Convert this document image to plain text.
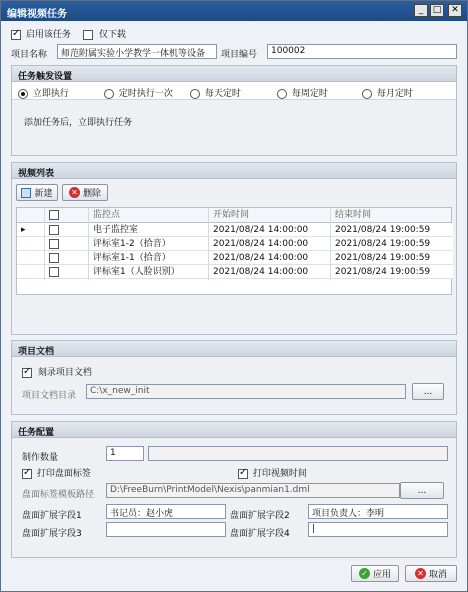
编辑视频任务	_	□	✕
✓ 启用该任务	仅下载
项目名称	师范附属实验小学教学一体机等设备	项目编号	100002
任务触发设置
立即执行	定时执行一次	每天定时	每周定时	每月定时
添加任务后，立即执行任务
视频列表
新建 ✕ 删除
监控点	开始时间	结束时间
▸	电子监控室	2021/08/24 14:00:00	2021/08/24 19:00:59
评标室1-2（拾音）	2021/08/24 14:00:00	2021/08/24 19:00:59
评标室1-1（拾音）	2021/08/24 14:00:00	2021/08/24 19:00:59
评标室1（人脸识别）	2021/08/24 14:00:00	2021/08/24 19:00:59
项目文档
✓ 刻录项目文档
项目文档目录	C:\x_new_init	...
任务配置
制作数量	1
✓ 打印盘面标签
✓	打印视频时间
盘面标签模板路径	D:\FreeBurn\PrintModel\Nexis\panmian1.dml	...
盘面扩展字段1	书记员：赵小虎	盘面扩展字段2	项目负责人：李明
盘面扩展字段3	盘面扩展字段4	|
✓ 应用	✕ 取消
